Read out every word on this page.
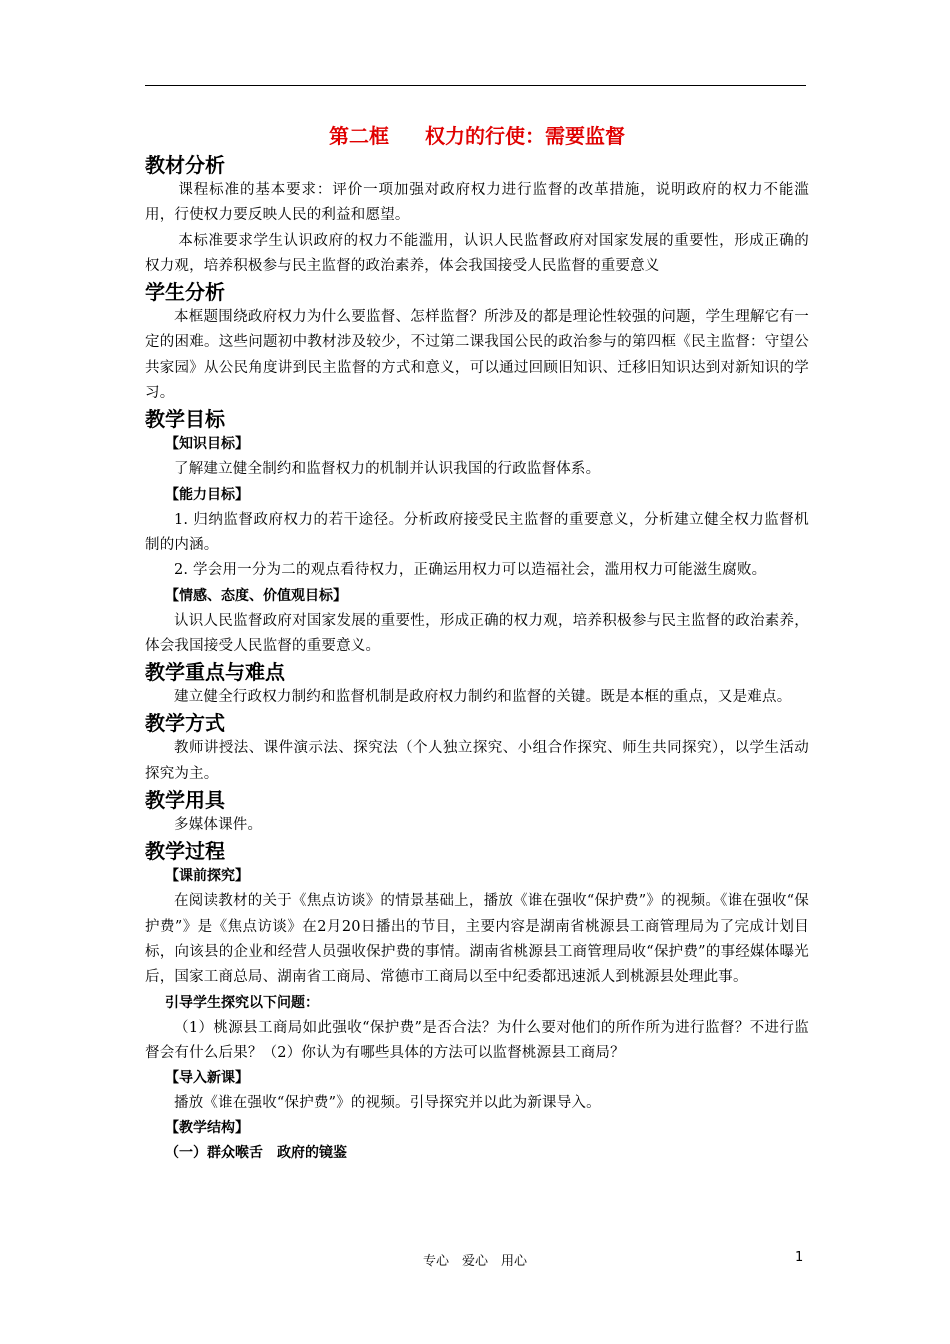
第二框 权力的行使：需要监督
教材分析

课程标准的基本要求：评价一项加强对政府权力进行监督的改革措施，说明政府的权力不能滥用，行使权力要反映人民的利益和愿望。

本标准要求学生认识政府的权力不能滥用，认识人民监督政府对国家发展的重要性，形成正确的权力观，培养积极参与民主监督的政治素养，体会我国接受人民监督的重要意义

学生分析

本框题围绕政府权力为什么要监督、怎样监督？所涉及的都是理论性较强的问题，学生理解它有一定的困难。这些问题初中教材涉及较少，不过第二课我国公民的政治参与的第四框《民主监督：守望公共家园》从公民角度讲到民主监督的方式和意义，可以通过回顾旧知识、迁移旧知识达到对新知识的学习。

教学目标

【知识目标】

了解建立健全制约和监督权力的机制并认识我国的行政监督体系。

【能力目标】

1. 归纳监督政府权力的若干途径。分析政府接受民主监督的重要意义，分析建立健全权力监督机制的内涵。

2. 学会用一分为二的观点看待权力，正确运用权力可以造福社会，滥用权力可能滋生腐败。

【情感、态度、价值观目标】

认识人民监督政府对国家发展的重要性，形成正确的权力观，培养积极参与民主监督的政治素养，体会我国接受人民监督的重要意义。

教学重点与难点

建立健全行政权力制约和监督机制是政府权力制约和监督的关键。既是本框的重点，又是难点。

教学方式

教师讲授法、课件演示法、探究法（个人独立探究、小组合作探究、师生共同探究），以学生活动探究为主。

教学用具

多媒体课件。

教学过程

【课前探究】

在阅读教材的关于《焦点访谈》的情景基础上，播放《谁在强收“保护费”》的视频。《谁在强收“保护费”》是《焦点访谈》在2月20日播出的节目，主要内容是湖南省桃源县工商管理局为了完成计划目标，向该县的企业和经营人员强收保护费的事情。湖南省桃源县工商管理局收“保护费”的事经媒体曝光后，国家工商总局、湖南省工商局、常德市工商局以至中纪委都迅速派人到桃源县处理此事。

引导学生探究以下问题：

（1）桃源县工商局如此强收“保护费”是否合法？为什么要对他们的所作所为进行监督？不进行监督会有什么后果？（2）你认为有哪些具体的方法可以监督桃源县工商局？

【导入新课】

播放《谁在强收“保护费”》的视频。引导探究并以此为新课导入。

【教学结构】

（一）群众喉舌　政府的镜鉴

专心　爱心　用心	1
